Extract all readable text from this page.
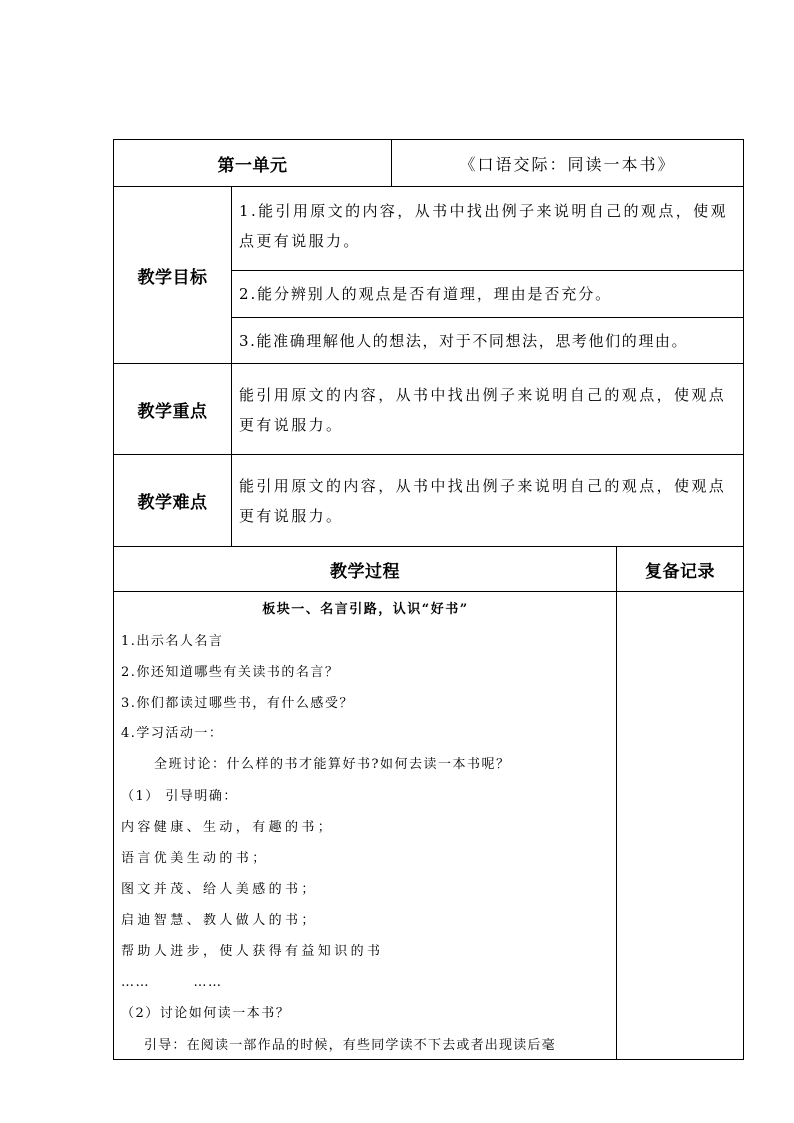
第一单元	《口语交际：同读一本书》
教学目标
1.能引用原文的内容，从书中找出例子来说明自己的观点，使观点更有说服力。
2.能分辨别人的观点是否有道理，理由是否充分。
3.能准确理解他人的想法，对于不同想法，思考他们的理由。
教学重点
能引用原文的内容，从书中找出例子来说明自己的观点，使观点更有说服力。
教学难点
能引用原文的内容，从书中找出例子来说明自己的观点，使观点更有说服力。
教学过程	复备记录
板块一、名言引路，认识“好书”
1.出示名人名言
2.你还知道哪些有关读书的名言？
3.你们都读过哪些书，有什么感受？
4.学习活动一：
全班讨论：什么样的书才能算好书?如何去读一本书呢？
（1） 引导明确：
内容健康、生动，有趣的书；
语言优美生动的书；
图文并茂、给人美感的书；
启迪智慧、教人做人的书；
帮助人进步，使人获得有益知识的书
……　　　……
（2）讨论如何读一本书？
引导：在阅读一部作品的时候，有些同学读不下去或者出现读后毫
